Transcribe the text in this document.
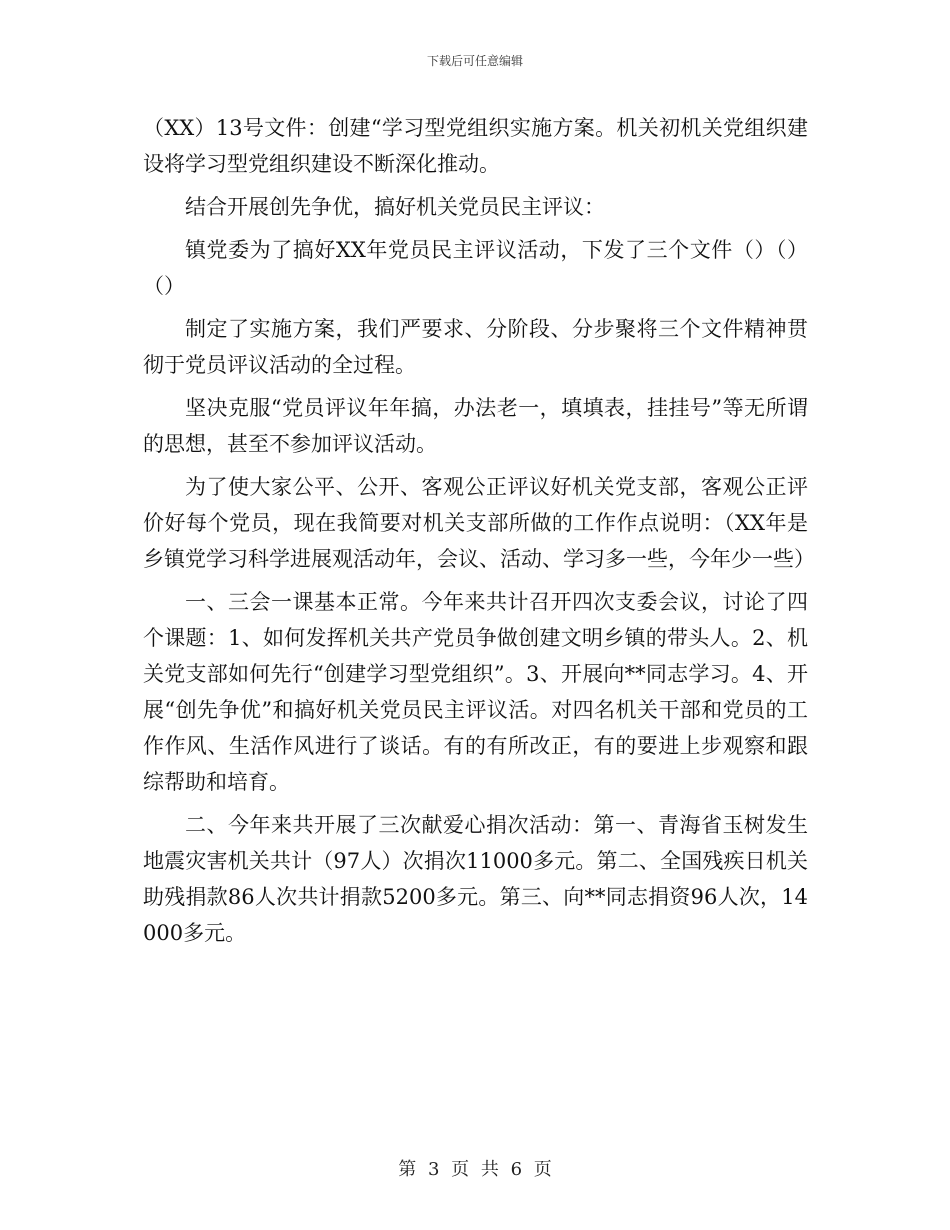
下载后可任意编辑

（XX）13号文件：创建“学习型党组织实施方案。机关初机关党组织建设将学习型党组织建设不断深化推动。

结合开展创先争优，搞好机关党员民主评议：

镇党委为了搞好XX年党员民主评议活动，下发了三个文件（）（）（）

制定了实施方案，我们严要求、分阶段、分步聚将三个文件精神贯彻于党员评议活动的全过程。

坚决克服“党员评议年年搞，办法老一，填填表，挂挂号”等无所谓的思想，甚至不参加评议活动。

为了使大家公平、公开、客观公正评议好机关党支部，客观公正评价好每个党员，现在我简要对机关支部所做的工作作点说明：（XX年是乡镇党学习科学进展观活动年，会议、活动、学习多一些，今年少一些）

一、三会一课基本正常。今年来共计召开四次支委会议，讨论了四个课题：1、如何发挥机关共产党员争做创建文明乡镇的带头人。2、机关党支部如何先行“创建学习型党组织”。3、开展向**同志学习。4、开展“创先争优”和搞好机关党员民主评议活。对四名机关干部和党员的工作作风、生活作风进行了谈话。有的有所改正，有的要进上步观察和跟综帮助和培育。

二、今年来共开展了三次献爱心捐次活动：第一、青海省玉树发生地震灾害机关共计（97人）次捐次11000多元。第二、全国残疾日机关助残捐款86人次共计捐款5200多元。第三、向**同志捐资96人次，14000多元。

第 3 页 共 6 页
